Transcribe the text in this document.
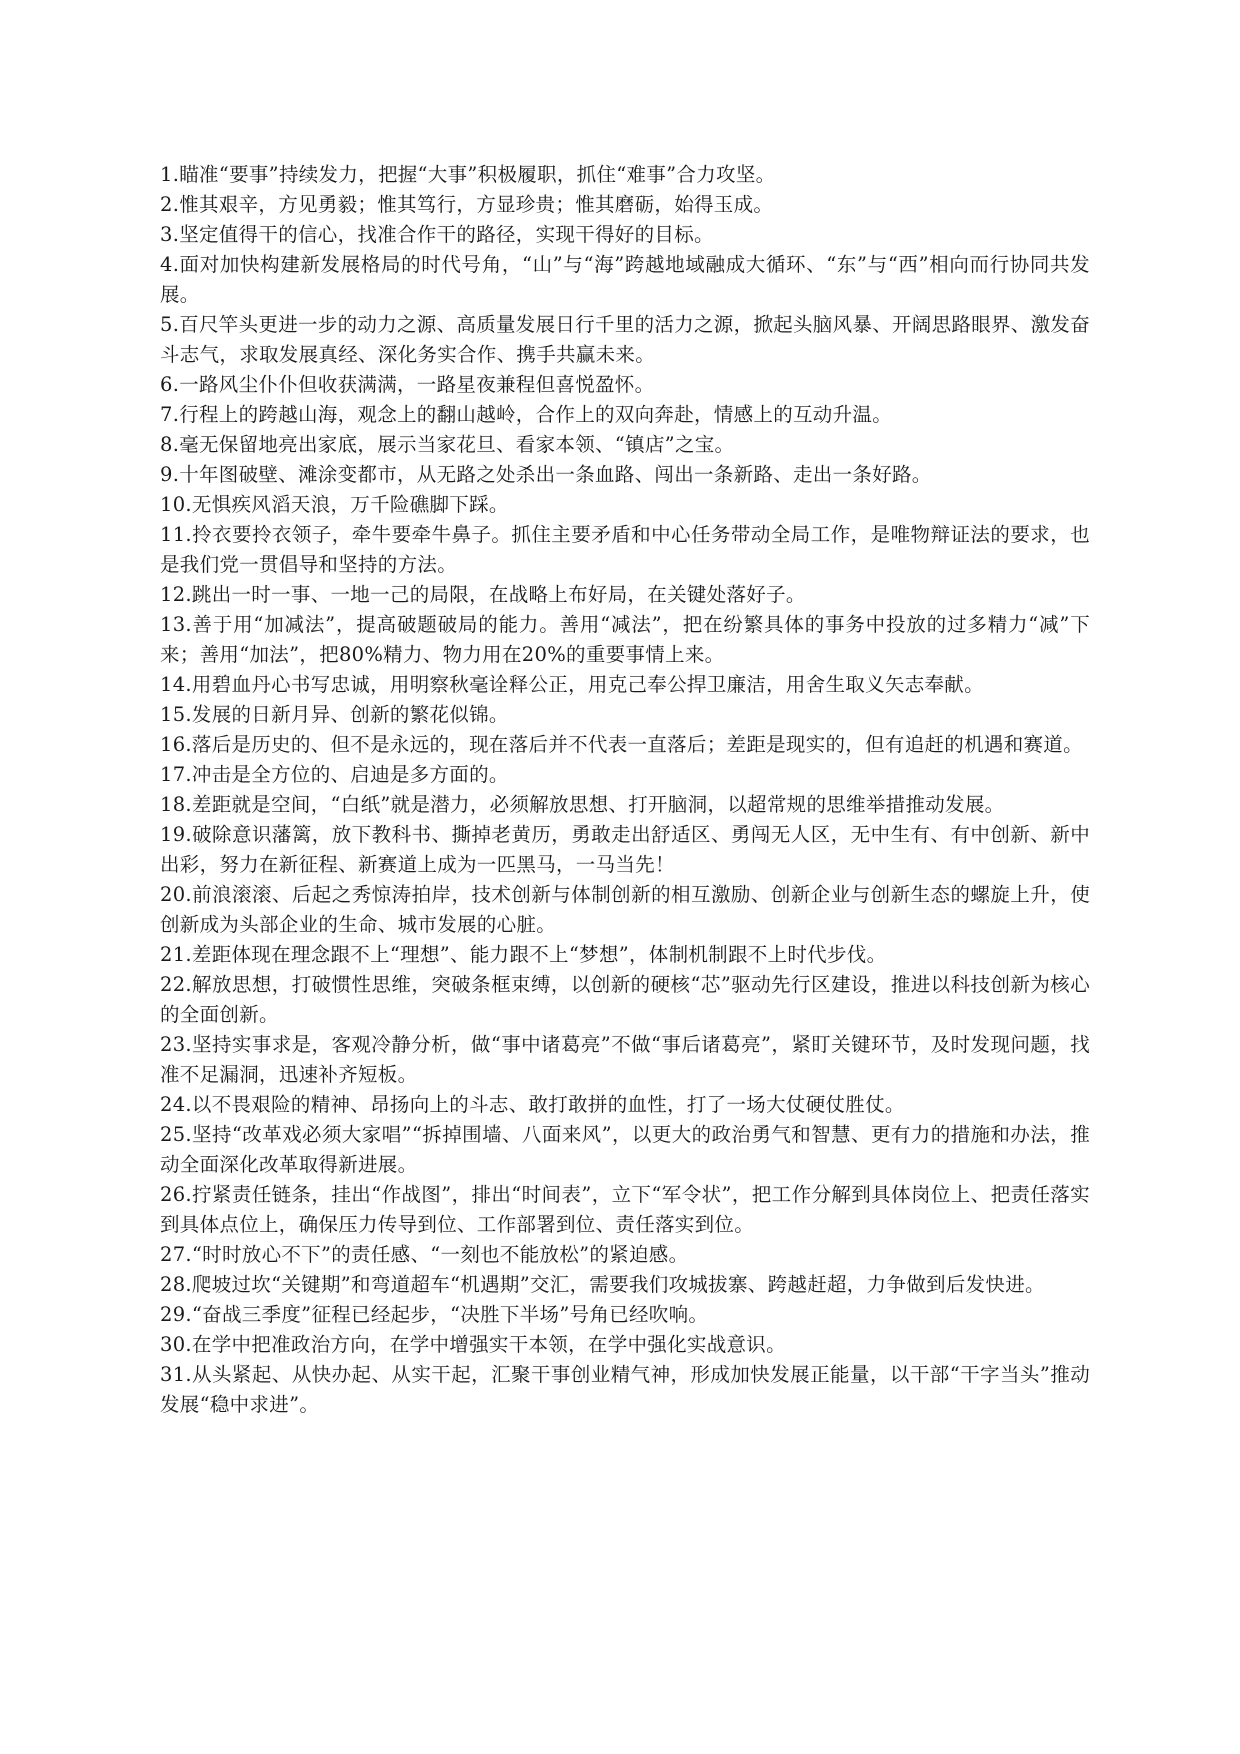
1.瞄准“要事”持续发力，把握“大事”积极履职，抓住“难事”合力攻坚。

2.惟其艰辛，方见勇毅；惟其笃行，方显珍贵；惟其磨砺，始得玉成。

3.坚定值得干的信心，找准合作干的路径，实现干得好的目标。

4.面对加快构建新发展格局的时代号角，“山”与“海”跨越地域融成大循环、“东”与“西”相向而行协同共发展。

5.百尺竿头更进一步的动力之源、高质量发展日行千里的活力之源，掀起头脑风暴、开阔思路眼界、激发奋斗志气，求取发展真经、深化务实合作、携手共赢未来。

6.一路风尘仆仆但收获满满，一路星夜兼程但喜悦盈怀。

7.行程上的跨越山海，观念上的翻山越岭，合作上的双向奔赴，情感上的互动升温。

8.毫无保留地亮出家底，展示当家花旦、看家本领、“镇店”之宝。

9.十年图破壁、滩涂变都市，从无路之处杀出一条血路、闯出一条新路、走出一条好路。

10.无惧疾风滔天浪，万千险礁脚下踩。

11.拎衣要拎衣领子，牵牛要牵牛鼻子。抓住主要矛盾和中心任务带动全局工作，是唯物辩证法的要求，也是我们党一贯倡导和坚持的方法。

12.跳出一时一事、一地一己的局限，在战略上布好局，在关键处落好子。

13.善于用“加减法”，提高破题破局的能力。善用“减法”，把在纷繁具体的事务中投放的过多精力“减”下来；善用“加法”，把80%精力、物力用在20%的重要事情上来。

14.用碧血丹心书写忠诚，用明察秋毫诠释公正，用克己奉公捍卫廉洁，用舍生取义矢志奉献。

15.发展的日新月异、创新的繁花似锦。

16.落后是历史的、但不是永远的，现在落后并不代表一直落后；差距是现实的，但有追赶的机遇和赛道。

17.冲击是全方位的、启迪是多方面的。

18.差距就是空间，“白纸”就是潜力，必须解放思想、打开脑洞，以超常规的思维举措推动发展。

19.破除意识藩篱，放下教科书、撕掉老黄历，勇敢走出舒适区、勇闯无人区，无中生有、有中创新、新中出彩，努力在新征程、新赛道上成为一匹黑马，一马当先！

20.前浪滚滚、后起之秀惊涛拍岸，技术创新与体制创新的相互激励、创新企业与创新生态的螺旋上升，使创新成为头部企业的生命、城市发展的心脏。

21.差距体现在理念跟不上“理想”、能力跟不上“梦想”，体制机制跟不上时代步伐。

22.解放思想，打破惯性思维，突破条框束缚，以创新的硬核“芯”驱动先行区建设，推进以科技创新为核心的全面创新。

23.坚持实事求是，客观冷静分析，做“事中诸葛亮”不做“事后诸葛亮”，紧盯关键环节，及时发现问题，找准不足漏洞，迅速补齐短板。

24.以不畏艰险的精神、昂扬向上的斗志、敢打敢拼的血性，打了一场大仗硬仗胜仗。

25.坚持“改革戏必须大家唱”“拆掉围墙、八面来风”，以更大的政治勇气和智慧、更有力的措施和办法，推动全面深化改革取得新进展。

26.拧紧责任链条，挂出“作战图”，排出“时间表”，立下“军令状”，把工作分解到具体岗位上、把责任落实到具体点位上，确保压力传导到位、工作部署到位、责任落实到位。

27.“时时放心不下”的责任感、“一刻也不能放松”的紧迫感。

28.爬坡过坎“关键期”和弯道超车“机遇期”交汇，需要我们攻城拔寨、跨越赶超，力争做到后发快进。

29.“奋战三季度”征程已经起步，“决胜下半场”号角已经吹响。

30.在学中把准政治方向，在学中增强实干本领，在学中强化实战意识。

31.从头紧起、从快办起、从实干起，汇聚干事创业精气神，形成加快发展正能量，以干部“干字当头”推动发展“稳中求进”。
